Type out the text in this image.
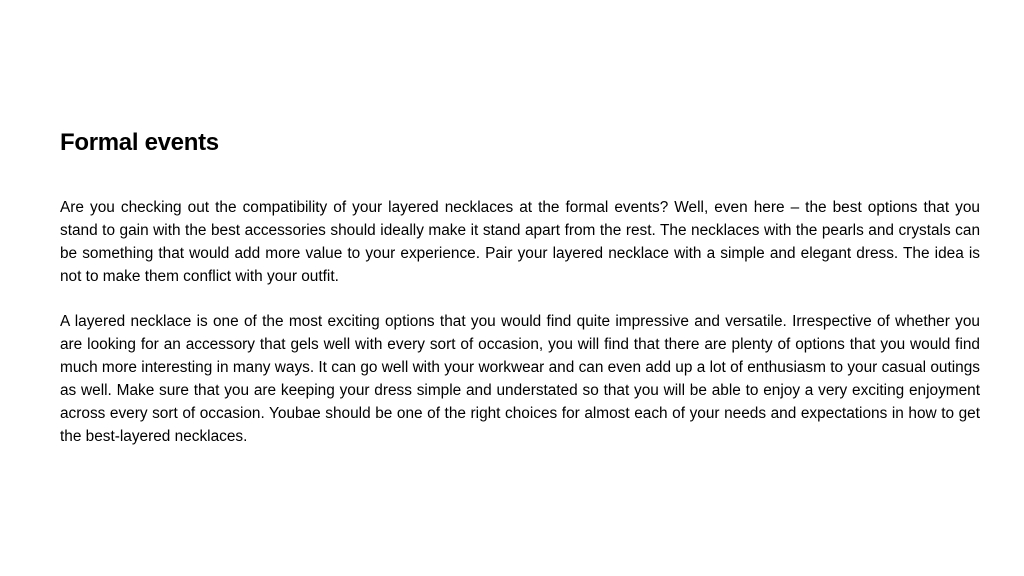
Formal events

Are you checking out the compatibility of your layered necklaces at the formal events? Well, even here – the best options that you stand to gain with the best accessories should ideally make it stand apart from the rest. The necklaces with the pearls and crystals can be something that would add more value to your experience. Pair your layered necklace with a simple and elegant dress. The idea is not to make them conflict with your outfit.

A layered necklace is one of the most exciting options that you would find quite impressive and versatile. Irrespective of whether you are looking for an accessory that gels well with every sort of occasion, you will find that there are plenty of options that you would find much more interesting in many ways. It can go well with your workwear and can even add up a lot of enthusiasm to your casual outings as well. Make sure that you are keeping your dress simple and understated so that you will be able to enjoy a very exciting enjoyment across every sort of occasion. Youbae should be one of the right choices for almost each of your needs and expectations in how to get the best-layered necklaces.
